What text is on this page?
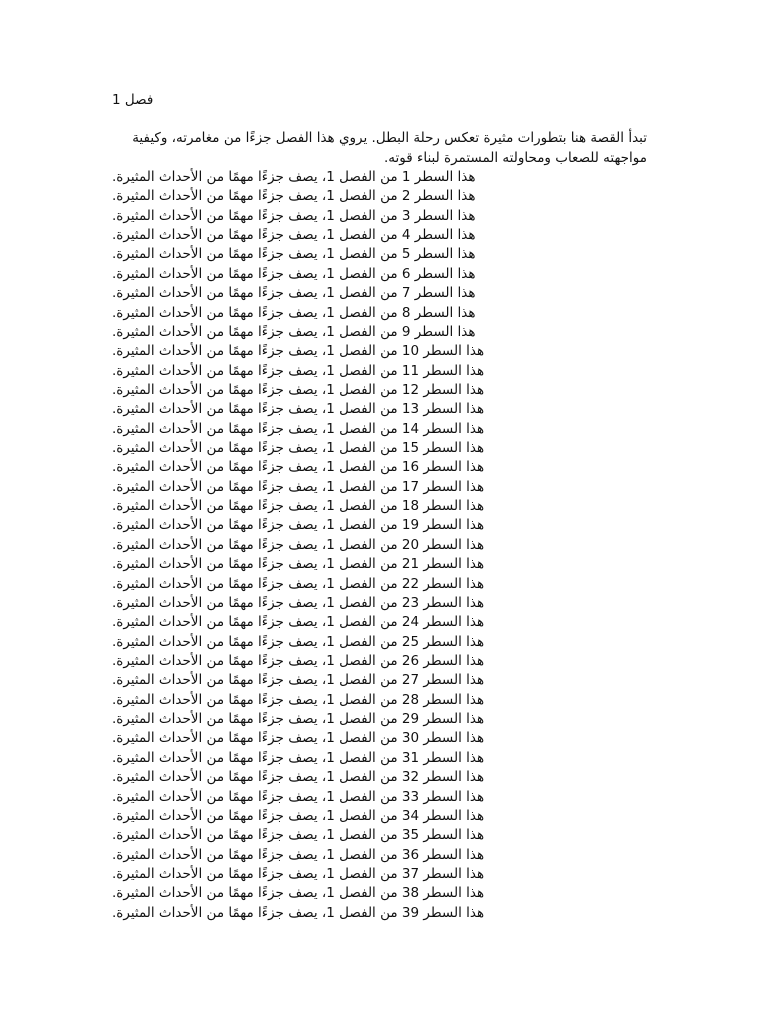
فصل 1
تبدأ القصة هنا بتطورات مثيرة تعكس رحلة البطل. يروي هذا الفصل جزءًا من مغامرته، وكيفية مواجهته للصعاب ومحاولته المستمرة لبناء قوته.
هذا السطر 1 من الفصل 1، يصف جزءًا مهمًا من الأحداث المثيرة.
هذا السطر 2 من الفصل 1، يصف جزءًا مهمًا من الأحداث المثيرة.
هذا السطر 3 من الفصل 1، يصف جزءًا مهمًا من الأحداث المثيرة.
هذا السطر 4 من الفصل 1، يصف جزءًا مهمًا من الأحداث المثيرة.
هذا السطر 5 من الفصل 1، يصف جزءًا مهمًا من الأحداث المثيرة.
هذا السطر 6 من الفصل 1، يصف جزءًا مهمًا من الأحداث المثيرة.
هذا السطر 7 من الفصل 1، يصف جزءًا مهمًا من الأحداث المثيرة.
هذا السطر 8 من الفصل 1، يصف جزءًا مهمًا من الأحداث المثيرة.
هذا السطر 9 من الفصل 1، يصف جزءًا مهمًا من الأحداث المثيرة.
هذا السطر 10 من الفصل 1، يصف جزءًا مهمًا من الأحداث المثيرة.
هذا السطر 11 من الفصل 1، يصف جزءًا مهمًا من الأحداث المثيرة.
هذا السطر 12 من الفصل 1، يصف جزءًا مهمًا من الأحداث المثيرة.
هذا السطر 13 من الفصل 1، يصف جزءًا مهمًا من الأحداث المثيرة.
هذا السطر 14 من الفصل 1، يصف جزءًا مهمًا من الأحداث المثيرة.
هذا السطر 15 من الفصل 1، يصف جزءًا مهمًا من الأحداث المثيرة.
هذا السطر 16 من الفصل 1، يصف جزءًا مهمًا من الأحداث المثيرة.
هذا السطر 17 من الفصل 1، يصف جزءًا مهمًا من الأحداث المثيرة.
هذا السطر 18 من الفصل 1، يصف جزءًا مهمًا من الأحداث المثيرة.
هذا السطر 19 من الفصل 1، يصف جزءًا مهمًا من الأحداث المثيرة.
هذا السطر 20 من الفصل 1، يصف جزءًا مهمًا من الأحداث المثيرة.
هذا السطر 21 من الفصل 1، يصف جزءًا مهمًا من الأحداث المثيرة.
هذا السطر 22 من الفصل 1، يصف جزءًا مهمًا من الأحداث المثيرة.
هذا السطر 23 من الفصل 1، يصف جزءًا مهمًا من الأحداث المثيرة.
هذا السطر 24 من الفصل 1، يصف جزءًا مهمًا من الأحداث المثيرة.
هذا السطر 25 من الفصل 1، يصف جزءًا مهمًا من الأحداث المثيرة.
هذا السطر 26 من الفصل 1، يصف جزءًا مهمًا من الأحداث المثيرة.
هذا السطر 27 من الفصل 1، يصف جزءًا مهمًا من الأحداث المثيرة.
هذا السطر 28 من الفصل 1، يصف جزءًا مهمًا من الأحداث المثيرة.
هذا السطر 29 من الفصل 1، يصف جزءًا مهمًا من الأحداث المثيرة.
هذا السطر 30 من الفصل 1، يصف جزءًا مهمًا من الأحداث المثيرة.
هذا السطر 31 من الفصل 1، يصف جزءًا مهمًا من الأحداث المثيرة.
هذا السطر 32 من الفصل 1، يصف جزءًا مهمًا من الأحداث المثيرة.
هذا السطر 33 من الفصل 1، يصف جزءًا مهمًا من الأحداث المثيرة.
هذا السطر 34 من الفصل 1، يصف جزءًا مهمًا من الأحداث المثيرة.
هذا السطر 35 من الفصل 1، يصف جزءًا مهمًا من الأحداث المثيرة.
هذا السطر 36 من الفصل 1، يصف جزءًا مهمًا من الأحداث المثيرة.
هذا السطر 37 من الفصل 1، يصف جزءًا مهمًا من الأحداث المثيرة.
هذا السطر 38 من الفصل 1، يصف جزءًا مهمًا من الأحداث المثيرة.
هذا السطر 39 من الفصل 1، يصف جزءًا مهمًا من الأحداث المثيرة.
